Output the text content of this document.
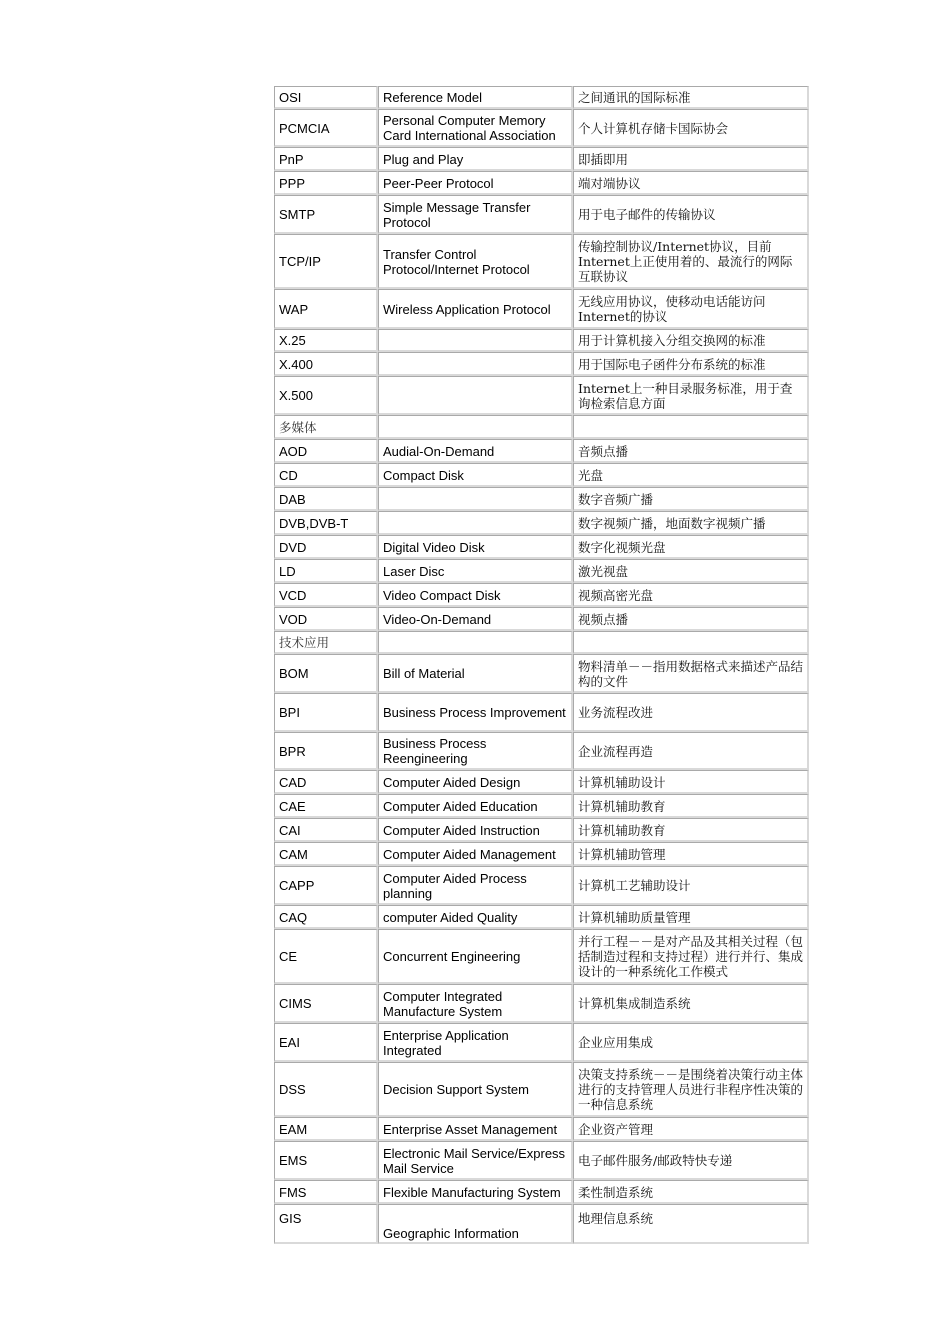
OSI	Reference Model	之间通讯的国际标准
PCMCIA	Personal Computer Memory Card International Association	个人计算机存储卡国际协会
PnP	Plug and Play	即插即用
PPP	Peer-Peer Protocol	端对端协议
SMTP	Simple Message Transfer Protocol	用于电子邮件的传输协议
TCP/IP	Transfer Control Protocol/Internet Protocol	传输控制协议/Internet协议，目前Internet上正使用着的、最流行的网际互联协议
WAP	Wireless Application Protocol	无线应用协议，使移动电话能访问Internet的协议
X.25		用于计算机接入分组交换网的标准
X.400		用于国际电子函件分布系统的标准
X.500		Internet上一种目录服务标准，用于查询检索信息方面
多媒体		
AOD	Audial-On-Demand	音频点播
CD	Compact Disk	光盘
DAB		数字音频广播
DVB,DVB-T		数字视频广播，地面数字视频广播
DVD	Digital Video Disk	数字化视频光盘
LD	Laser Disc	激光视盘
VCD	Video Compact Disk	视频高密光盘
VOD	Video-On-Demand	视频点播
技术应用		
BOM	Bill of Material	物料清单－－指用数据格式来描述产品结构的文件
BPI	Business Process Improvement	业务流程改进
BPR	Business Process Reengineering	企业流程再造
CAD	Computer Aided Design	计算机辅助设计
CAE	Computer Aided Education	计算机辅助教育
CAI	Computer Aided Instruction	计算机辅助教育
CAM	Computer Aided Management	计算机辅助管理
CAPP	Computer Aided Process planning	计算机工艺辅助设计
CAQ	computer Aided Quality	计算机辅助质量管理
CE	Concurrent Engineering	并行工程－－是对产品及其相关过程（包括制造过程和支持过程）进行并行、集成设计的一种系统化工作模式
CIMS	Computer Integrated Manufacture System	计算机集成制造系统
EAI	Enterprise Application Integrated	企业应用集成
DSS	Decision Support System	决策支持系统－－是围绕着决策行动主体进行的支持管理人员进行非程序性决策的一种信息系统
EAM	Enterprise Asset Management	企业资产管理
EMS	Electronic Mail Service/Express Mail Service	电子邮件服务/邮政特快专递
FMS	Flexible Manufacturing System	柔性制造系统
GIS	Geographic Information	地理信息系统
